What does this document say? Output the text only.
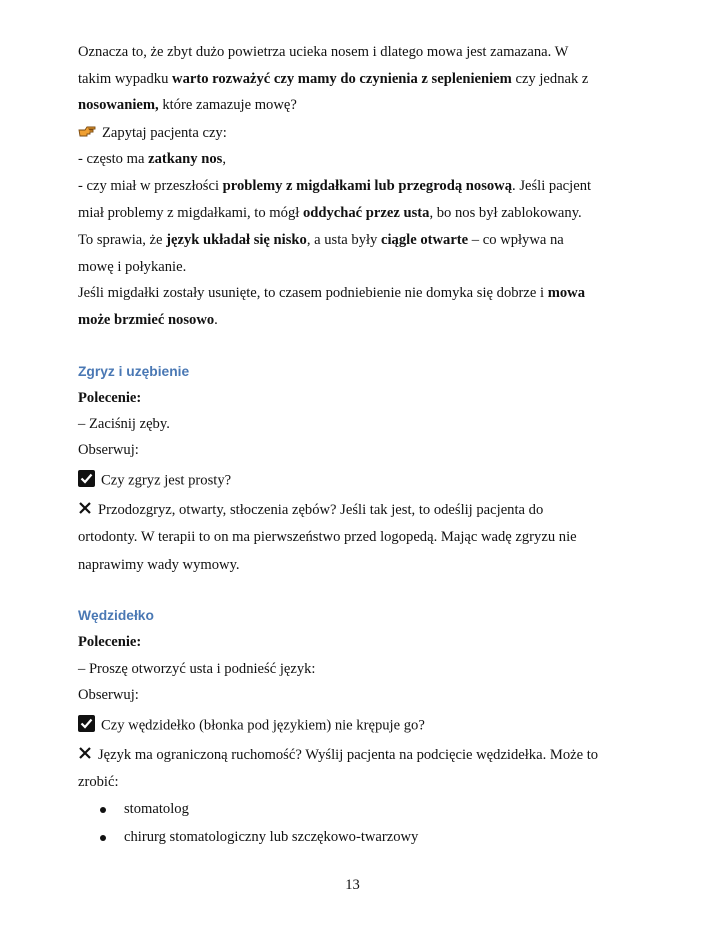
Oznacza to, że zbyt dużo powietrza ucieka nosem i dlatego mowa jest zamazana. W
takim wypadku warto rozważyć czy mamy do czynienia z seplenieniem czy jednak z
nosowaniem, które zamazuje mowę?
Zapytaj pacjenta czy:
- często ma zatkany nos,
- czy miał w przeszłości problemy z migdałkami lub przegrodą nosową. Jeśli pacjent
miał problemy z migdałkami, to mógł oddychać przez usta, bo nos był zablokowany.
To sprawia, że język układał się nisko, a usta były ciągle otwarte – co wpływa na
mowę i połykanie.
Jeśli migdałki zostały usunięte, to czasem podniebienie nie domyka się dobrze i mowa
może brzmieć nosowo.
Zgryz i uzębienie
Polecenie:
– Zaciśnij zęby.
Obserwuj:
Czy zgryz jest prosty?
Przodozgryz, otwarty, stłoczenia zębów? Jeśli tak jest, to odeślij pacjenta do
ortodonty. W terapii to on ma pierwszeństwo przed logopedą. Mając wadę zgryzu nie
naprawimy wady wymowy.
Wędzidełko
Polecenie:
– Proszę otworzyć usta i podnieść język:
Obserwuj:
Czy wędzidełko (błonka pod językiem) nie krępuje go?
Język ma ograniczoną ruchomość? Wyślij pacjenta na podcięcie wędzidełka. Może to
zrobić:
stomatolog
chirurg stomatologiczny lub szczękowo-twarzowy
13
